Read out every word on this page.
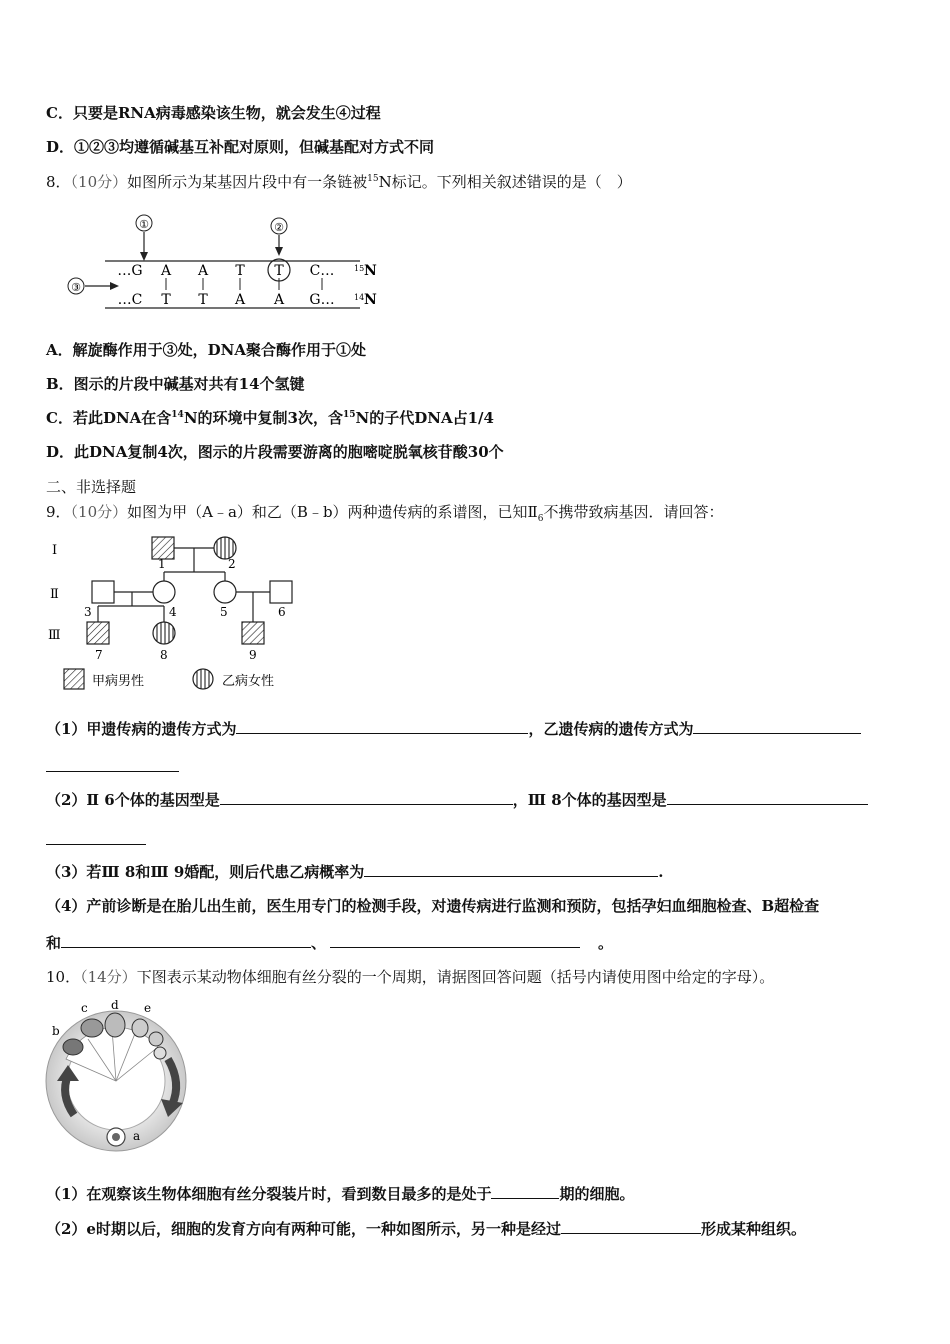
C．只要是RNA病毒感染该生物，就会发生④过程
D．①②③均遵循碱基互补配对原则，但碱基配对方式不同
8．（10分）如图所示为某基因片段中有一条链被$^{15}$N标记。下列相关叙述错误的是（　）
①	②
…G A A T T C…
…C T T A A G…
③
15 N
14 N
A．解旋酶作用于③处，DNA聚合酶作用于①处
B．图示的片段中碱基对共有14个氢键
C．若此DNA在含$^{14}$N的环境中复制3次，含$^{15}$N的子代DNA占1/4
D．此DNA复制4次，图示的片段需要游离的胞嘧啶脱氧核苷酸30个
二、非选择题
9．（10分）如图为甲（A﹣a）和乙（B﹣b）两种遗传病的系谱图，已知$Ⅱ_6$不携带致病基因．请回答：
Ⅰ
Ⅱ
Ⅲ
1	2
3	4	5	6
7	8	9
甲病男性	乙病女性
（1）甲遗传病的遗传方式为	，乙遗传病的遗传方式为
（2）Ⅱ 6个体的基因型是	，Ⅲ 8个体的基因型是
（3）若Ⅲ 8和Ⅲ 9婚配，则后代患乙病概率为	.
（4）产前诊断是在胎儿出生前，医生用专门的检测手段，对遗传病进行监测和预防，包括孕妇血细胞检查、B超检查
和	、	。
10．（14分）下图表示某动物体细胞有丝分裂的一个周期，请据图回答问题（括号内请使用图中给定的字母）。
a
b
c d e
（1）在观察该生物体细胞有丝分裂装片时，看到数目最多的是处于	期的细胞。
（2）e时期以后，细胞的发育方向有两种可能，一种如图所示，另一种是经过	形成某种组织。
